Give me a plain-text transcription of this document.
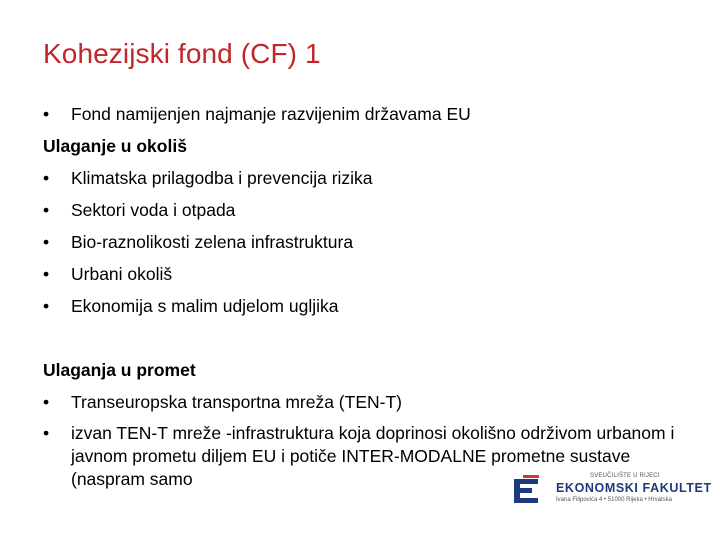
Kohezijski fond (CF) 1
•	Fond namijenjen najmanje razvijenim državama EU
Ulaganje u okoliš
•	Klimatska prilagodba i prevencija rizika
•	Sektori voda i otpada
•	Bio-raznolikosti zelena infrastruktura
•	Urbani okoliš
•	Ekonomija s malim udjelom ugljika
Ulaganja u promet
•	Transeuropska transportna mreža (TEN-T)
•	izvan TEN-T mreže -infrastruktura koja doprinosi okolišno održivom urbanom i javnom prometu diljem EU i potiče INTER-MODALNE prometne sustave (naspram samo	SVEUČILIŠTE U RIJECI
EKONOMSKI FAKULTET
Ivana Filipovića 4 • 51000 Rijeka • Hrvatska
